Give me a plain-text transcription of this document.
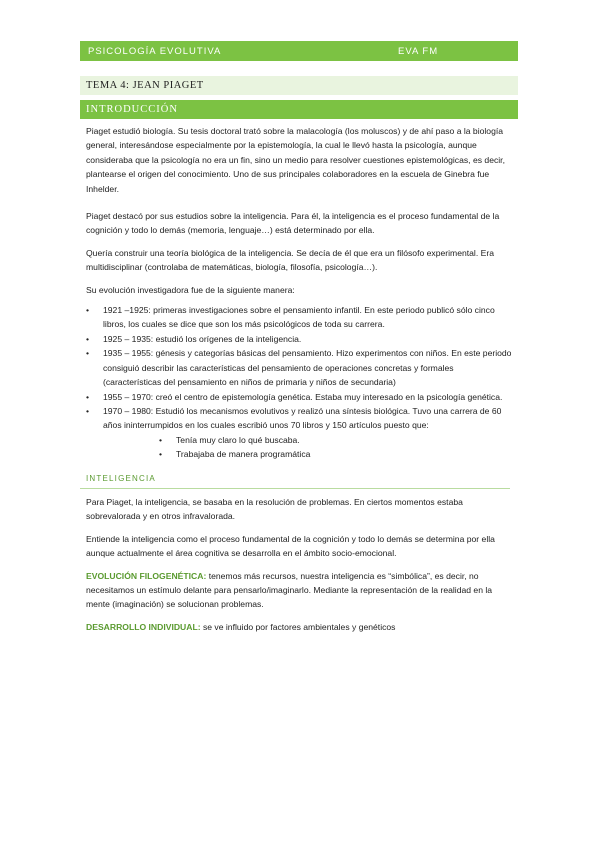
PSICOLOGÍA EVOLUTIVA	EVA FM
TEMA 4: JEAN PIAGET
INTRODUCCIÓN

Piaget estudió biología. Su tesis doctoral trató sobre la malacología (los moluscos) y de ahí paso a la biología general, interesándose especialmente por la epistemología, la cual le llevó hasta la psicología, aunque consideraba que la psicología no era un fin, sino un medio para resolver cuestiones epistemológicas, es decir, plantearse el origen del conocimiento. Uno de sus principales colaboradores en la escuela de Ginebra fue Inhelder.

Piaget destacó por sus estudios sobre la inteligencia. Para él, la inteligencia es el proceso fundamental de la cognición y todo lo demás (memoria, lenguaje…) está determinado por ella.

Quería construir una teoría biológica de la inteligencia. Se decía de él que era un filósofo experimental. Era multidisciplinar (controlaba de matemáticas, biología, filosofía, psicología…).

Su evolución investigadora fue de la siguiente manera:

• 1921 –1925: primeras investigaciones sobre el pensamiento infantil. En este periodo publicó sólo cinco libros, los cuales se dice que son los más psicológicos de toda su carrera.
• 1925 – 1935: estudió los orígenes de la inteligencia.
• 1935 – 1955: génesis y categorías básicas del pensamiento. Hizo experimentos con niños. En este periodo consiguió describir las características del pensamiento de operaciones concretas y formales (características del pensamiento en niños de primaria y niños de secundaria)
• 1955 – 1970: creó el centro de epistemología genética. Estaba muy interesado en la psicología genética.
• 1970 – 1980: Estudió los mecanismos evolutivos y realizó una síntesis biológica. Tuvo una carrera de 60 años ininterrumpidos en los cuales escribió unos 70 libros y 150 artículos puesto que:
• Tenía muy claro lo qué buscaba.
• Trabajaba de manera programática
INTELIGENCIA

Para Piaget, la inteligencia, se basaba en la resolución de problemas. En ciertos momentos estaba sobrevalorada y en otros infravalorada.

Entiende la inteligencia como el proceso fundamental de la cognición y todo lo demás se determina por ella aunque actualmente el área cognitiva se desarrolla en el ámbito socio-emocional.

EVOLUCIÓN FILOGENÉTICA: tenemos más recursos, nuestra inteligencia es “simbólica”, es decir, no necesitamos un estímulo delante para pensarlo/imaginarlo. Mediante la representación de la realidad en la mente (imaginación) se solucionan problemas.

DESARROLLO INDIVIDUAL: se ve influido por factores ambientales y genéticos
